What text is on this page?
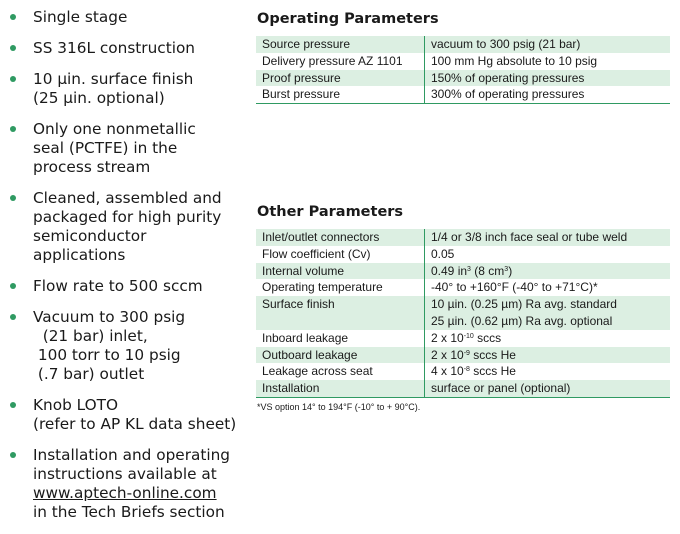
Single stage
SS 316L construction
10 µin. surface finish
(25 µin. optional)
Only one nonmetallic
seal (PCTFE) in the
process stream
Cleaned, assembled and
packaged for high purity
semiconductor
applications
Flow rate to 500 sccm
Vacuum to 300 psig
(21 bar) inlet,
100 torr to 10 psig
(.7 bar) outlet
Knob LOTO
(refer to AP KL data sheet)
Installation and operating
instructions available at
www.aptech-online.com
in the Tech Briefs section
Operating Parameters
Source pressure	vacuum to 300 psig (21 bar)
Delivery pressure AZ 1101	100 mm Hg absolute to 10 psig
Proof pressure	150% of operating pressures
Burst pressure	300% of operating pressures
Other Parameters
Inlet/outlet connectors	1/4 or 3/8 inch face seal or tube weld
Flow coefficient (Cv)	0.05
Internal volume	0.49 $in^3$ (8 $cm^3$)
Operating temperature	-40° to +160°F (-40° to +71°C)*
Surface finish	10 µin. (0.25 µm) Ra avg. standard
25 µin. (0.62 µm) Ra avg. optional

Inboard leakage	2 x $10^{-10}$ sccs
Outboard leakage	2 x $10^{-9}$ sccs He
Leakage across seat	4 x $10^{-8}$ sccs He
Installation	surface or panel (optional)
*VS option 14° to 194°F (-10° to + 90°C).
